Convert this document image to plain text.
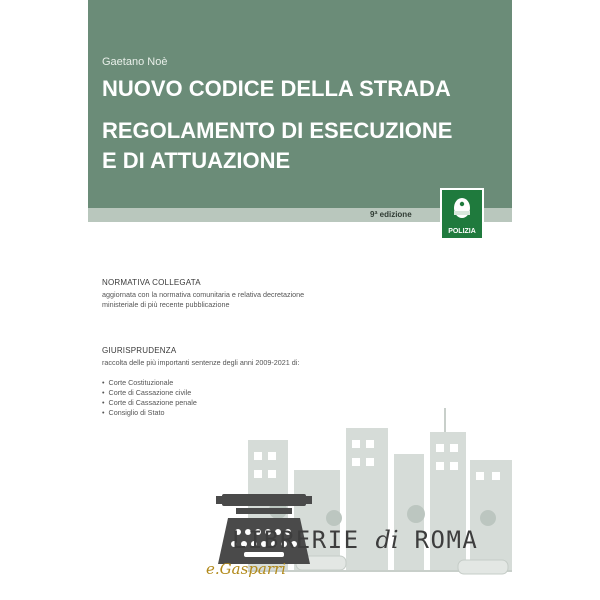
Gaetano Noè
NUOVO CODICE DELLA STRADA
REGOLAMENTO DI ESECUZIONE
E DI ATTUAZIONE
9ª edizione
POLIZIA
NORMATIVA COLLEGATA
aggiornata con la normativa comunitaria e relativa decretazione
ministeriale di più recente pubblicazione
GIURISPRUDENZA
raccolta delle più importanti sentenze degli anni 2009-2021 di:
• Corte Costituzionale
• Corte di Cassazione civile
• Corte di Cassazione penale
• Consiglio di Stato
e.Gasparri
LIBRERIE di ROMA
